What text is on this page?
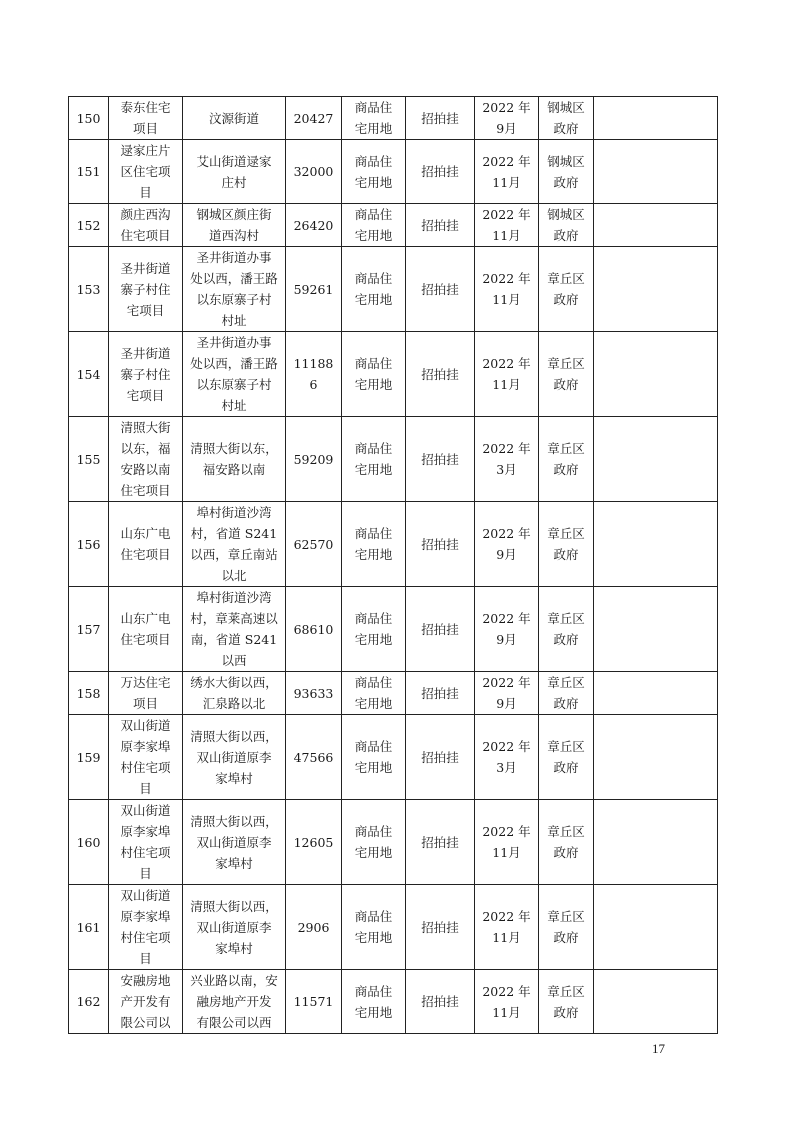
150	泰东住宅
项目	汶源街道	20427	商品住
宅用地	招拍挂	2022 年
9月	钢城区
政府	
151	逯家庄片
区住宅项
目	艾山街道逯家
庄村	32000	商品住
宅用地	招拍挂	2022 年
11月	钢城区
政府	
152	颜庄西沟
住宅项目	钢城区颜庄街
道西沟村	26420	商品住
宅用地	招拍挂	2022 年
11月	钢城区
政府	
153	圣井街道
寨子村住
宅项目	圣井街道办事
处以西，潘王路
以东原寨子村
村址	59261	商品住
宅用地	招拍挂	2022 年
11月	章丘区
政府	
154	圣井街道
寨子村住
宅项目	圣井街道办事
处以西，潘王路
以东原寨子村
村址	11188
6	商品住
宅用地	招拍挂	2022 年
11月	章丘区
政府	
155	清照大街
以东，福
安路以南
住宅项目	清照大街以东，
福安路以南	59209	商品住
宅用地	招拍挂	2022 年
3月	章丘区
政府	
156	山东广电
住宅项目	埠村街道沙湾
村，省道 S241
以西，章丘南站
以北	62570	商品住
宅用地	招拍挂	2022 年
9月	章丘区
政府	
157	山东广电
住宅项目	埠村街道沙湾
村，章莱高速以
南，省道 S241
以西	68610	商品住
宅用地	招拍挂	2022 年
9月	章丘区
政府	
158	万达住宅
项目	绣水大街以西，
汇泉路以北	93633	商品住
宅用地	招拍挂	2022 年
9月	章丘区
政府	
159	双山街道
原李家埠
村住宅项
目	清照大街以西，
双山街道原李
家埠村	47566	商品住
宅用地	招拍挂	2022 年
3月	章丘区
政府	
160	双山街道
原李家埠
村住宅项
目	清照大街以西，
双山街道原李
家埠村	12605	商品住
宅用地	招拍挂	2022 年
11月	章丘区
政府	
161	双山街道
原李家埠
村住宅项
目	清照大街以西，
双山街道原李
家埠村	2906	商品住
宅用地	招拍挂	2022 年
11月	章丘区
政府	
162	安融房地
产开发有
限公司以	兴业路以南，安
融房地产开发
有限公司以西	11571	商品住
宅用地	招拍挂	2022 年
11月	章丘区
政府	
17
